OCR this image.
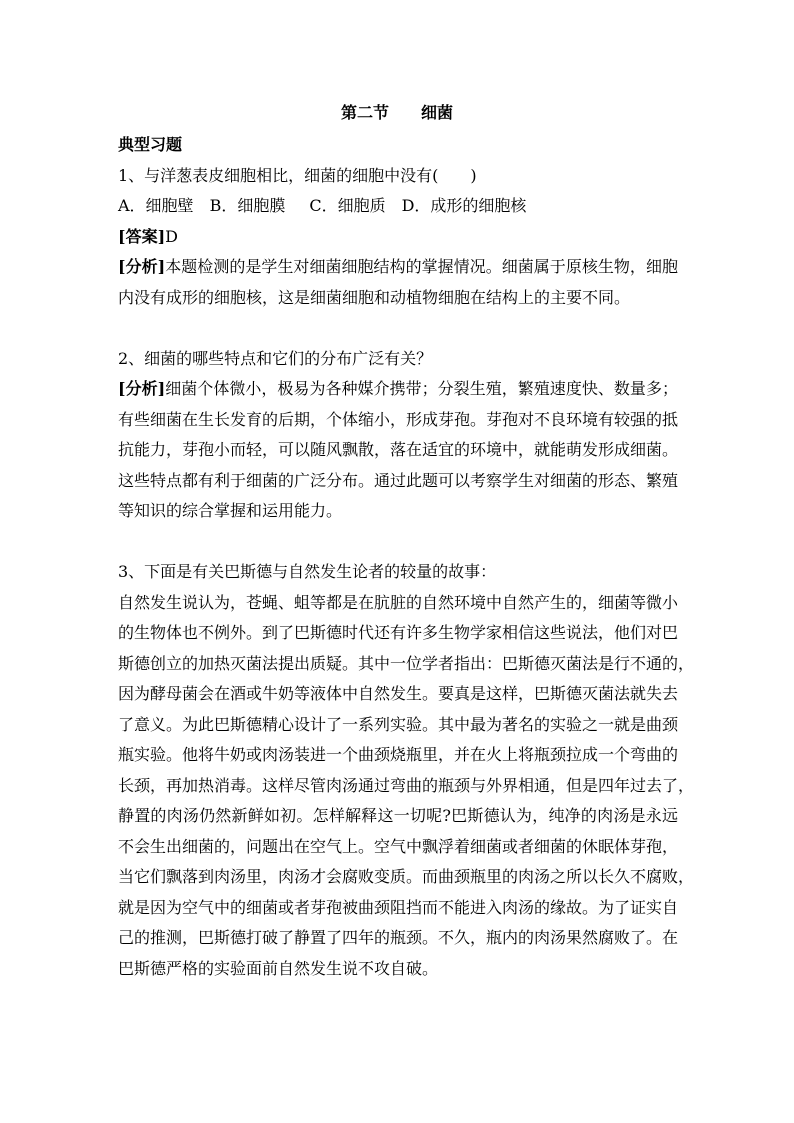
第二节　　细菌
典型习题
1、与洋葱表皮细胞相比，细菌的细胞中没有(　　)
A．细胞壁 B．细胞膜 C．细胞质 D．成形的细胞核
[答案]D
[分析]本题检测的是学生对细菌细胞结构的掌握情况。细菌属于原核生物，细胞
内没有成形的细胞核，这是细菌细胞和动植物细胞在结构上的主要不同。
2、细菌的哪些特点和它们的分布广泛有关？
[分析]细菌个体微小，极易为各种媒介携带；分裂生殖，繁殖速度快、数量多；
有些细菌在生长发育的后期，个体缩小，形成芽孢。芽孢对不良环境有较强的抵
抗能力，芽孢小而轻，可以随风飘散，落在适宜的环境中，就能萌发形成细菌。
这些特点都有利于细菌的广泛分布。通过此题可以考察学生对细菌的形态、繁殖
等知识的综合掌握和运用能力。
3、下面是有关巴斯德与自然发生论者的较量的故事：
自然发生说认为，苍蝇、蛆等都是在肮脏的自然环境中自然产生的，细菌等微小
的生物体也不例外。到了巴斯德时代还有许多生物学家相信这些说法，他们对巴
斯德创立的加热灭菌法提出质疑。其中一位学者指出：巴斯德灭菌法是行不通的，
因为酵母菌会在酒或牛奶等液体中自然发生。要真是这样，巴斯德灭菌法就失去
了意义。为此巴斯德精心设计了一系列实验。其中最为著名的实验之一就是曲颈
瓶实验。他将牛奶或肉汤装进一个曲颈烧瓶里，并在火上将瓶颈拉成一个弯曲的
长颈，再加热消毒。这样尽管肉汤通过弯曲的瓶颈与外界相通，但是四年过去了，
静置的肉汤仍然新鲜如初。怎样解释这一切呢?巴斯德认为，纯净的肉汤是永远
不会生出细菌的，问题出在空气上。空气中飘浮着细菌或者细菌的休眠体芽孢，
当它们飘落到肉汤里，肉汤才会腐败变质。而曲颈瓶里的肉汤之所以长久不腐败，
就是因为空气中的细菌或者芽孢被曲颈阻挡而不能进入肉汤的缘故。为了证实自
己的推测，巴斯德打破了静置了四年的瓶颈。不久，瓶内的肉汤果然腐败了。在
巴斯德严格的实验面前自然发生说不攻自破。
